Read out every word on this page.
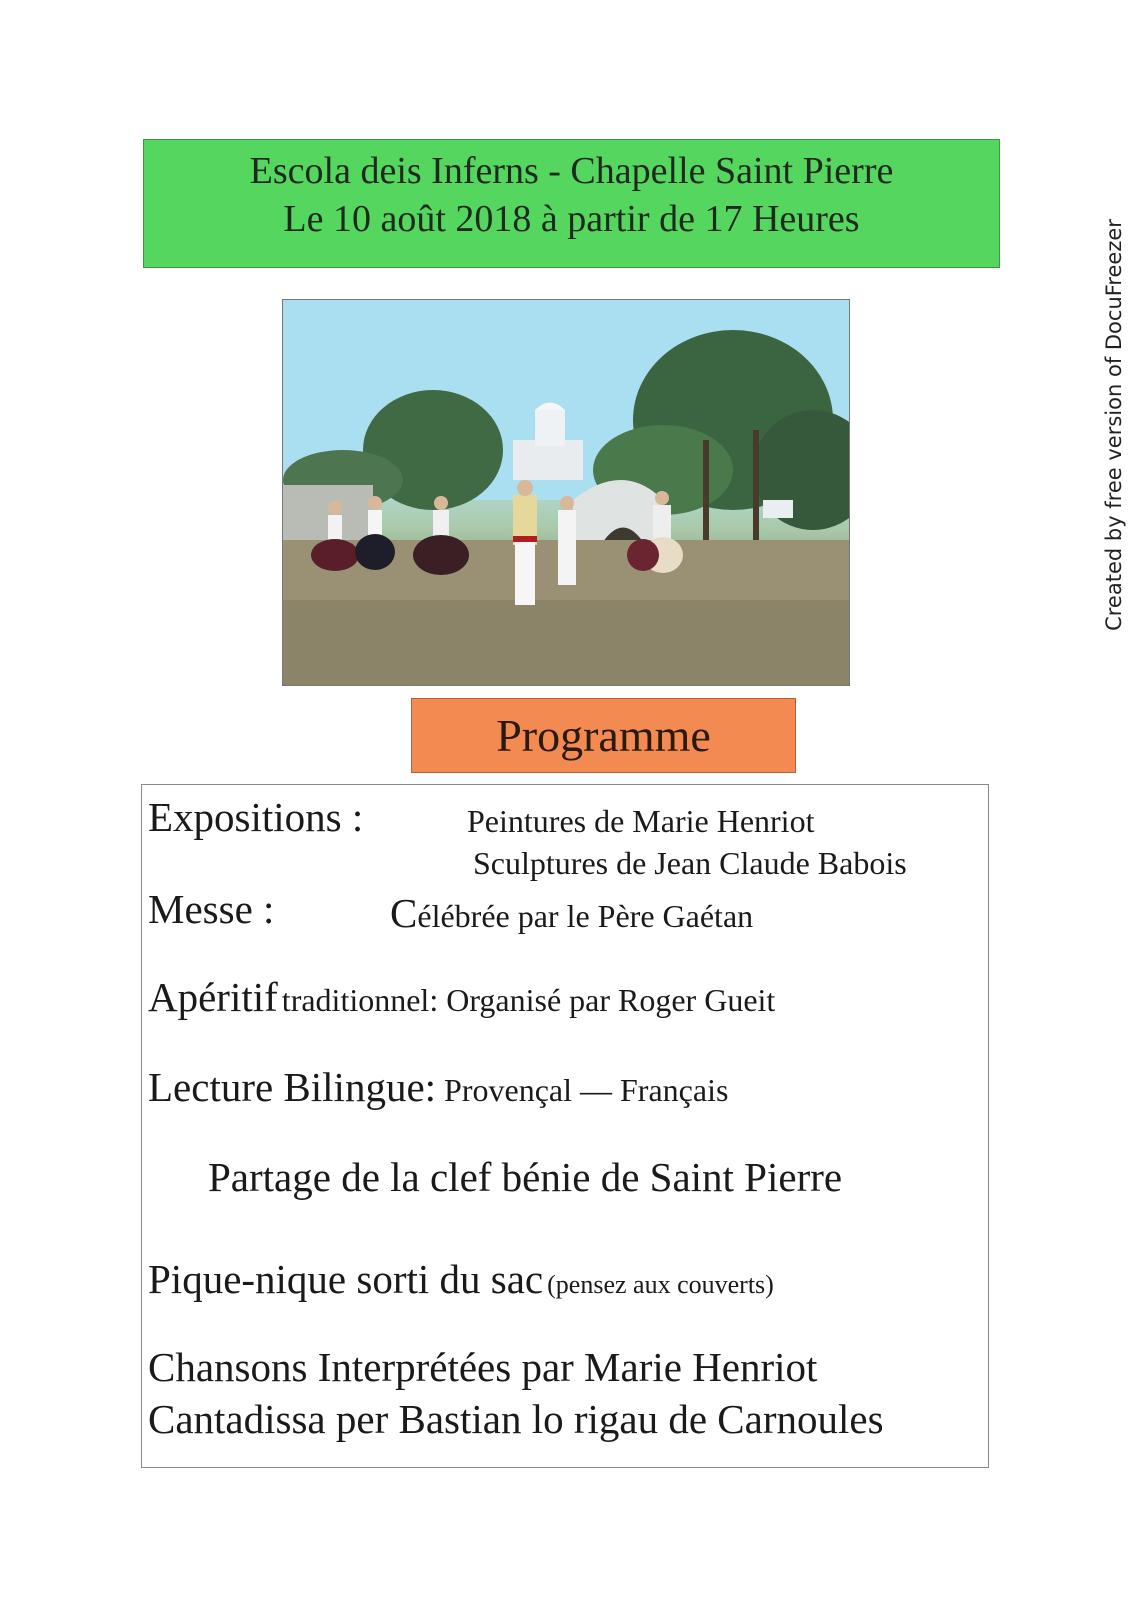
Escola deis Inferns - Chapelle Saint Pierre
Le 10 août 2018 à partir de 17 Heures
Created by free version of DocuFreezer
Programme
Expositions :	Peintures de Marie Henriot
Sculptures de Jean Claude Babois
Messe :	Célébrée par le Père Gaétan
Apéritif traditionnel: Organisé par Roger Gueit
Lecture Bilingue: Provençal — Français
Partage de la clef bénie de Saint Pierre
Pique-nique sorti du sac (pensez aux couverts)
Chansons Interprétées par Marie Henriot
Cantadissa per Bastian lo rigau de Carnoules
